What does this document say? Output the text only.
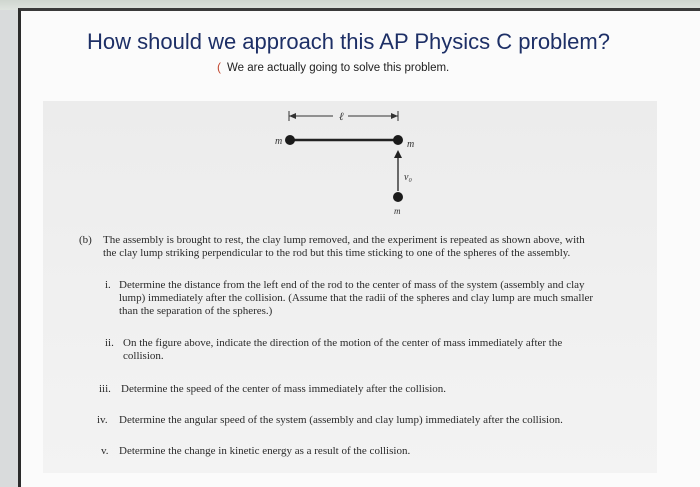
How should we approach this AP Physics C problem?
( We are actually going to solve this problem.
ℓ
m	m
v₀
m
(b) The assembly is brought to rest, the clay lump removed, and the experiment is repeated as shown above, with
the clay lump striking perpendicular to the rod but this time sticking to one of the spheres of the assembly.
i. Determine the distance from the left end of the rod to the center of mass of the system (assembly and clay
lump) immediately after the collision. (Assume that the radii of the spheres and clay lump are much smaller
than the separation of the spheres.)
ii. On the figure above, indicate the direction of the motion of the center of mass immediately after the
collision.
iii. Determine the speed of the center of mass immediately after the collision.
iv. Determine the angular speed of the system (assembly and clay lump) immediately after the collision.
v. Determine the change in kinetic energy as a result of the collision.
